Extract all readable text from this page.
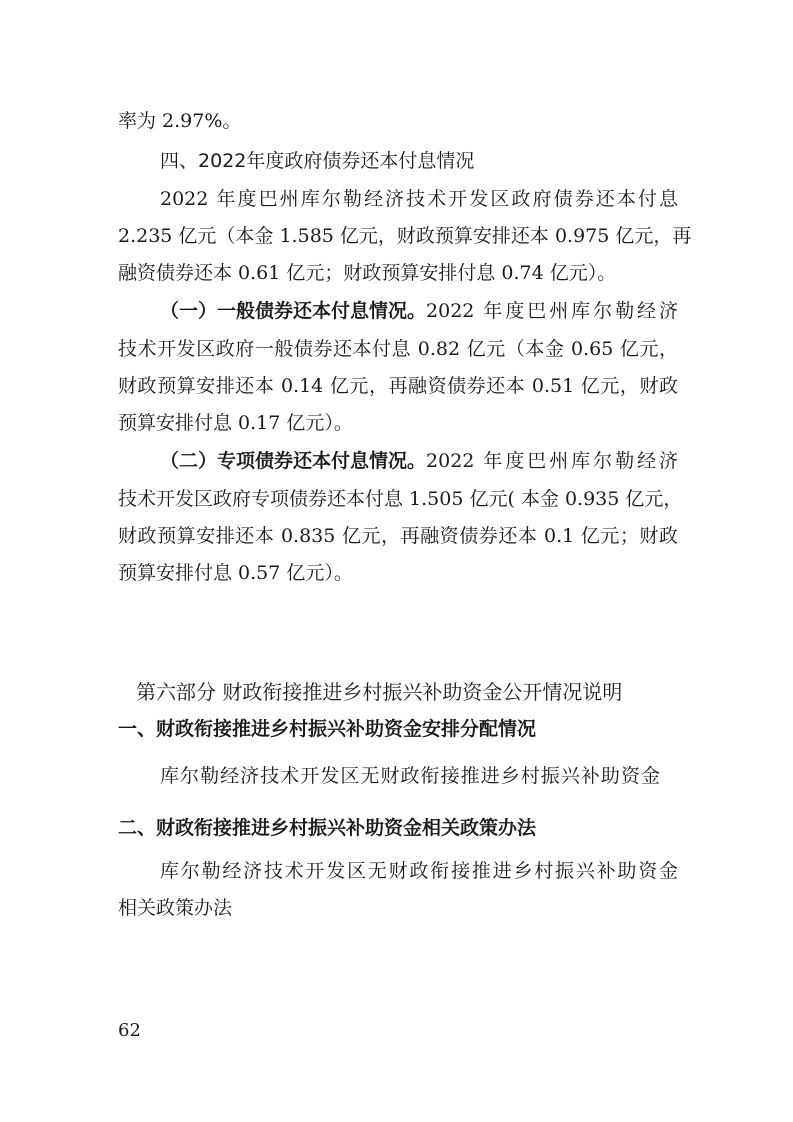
率为 2.97%。
四、2022年度政府债券还本付息情况
2022 年度巴州库尔勒经济技术开发区政府债券还本付息
2.235 亿元（本金 1.585 亿元，财政预算安排还本 0.975 亿元，再
融资债券还本 0.61 亿元；财政预算安排付息 0.74 亿元）。
（一）一般债券还本付息情况。 2022 年度巴州库尔勒经济
技术开发区政府一般债券还本付息 0.82 亿元（本金 0.65 亿元，
财政预算安排还本 0.14 亿元，再融资债券还本 0.51 亿元，财政
预算安排付息 0.17 亿元）。
（二）专项债券还本付息情况。 2022 年度巴州库尔勒经济
技术开发区政府专项债券还本付息 1.505 亿元( 本金 0.935 亿元，
财政预算安排还本 0.835 亿元，再融资债券还本 0.1 亿元；财政
预算安排付息 0.57 亿元）。
第六部分 财政衔接推进乡村振兴补助资金公开情况说明
一、财政衔接推进乡村振兴补助资金安排分配情况
库尔勒经济技术开发区无财政衔接推进乡村振兴补助资金
二、财政衔接推进乡村振兴补助资金相关政策办法
库尔勒经济技术开发区无财政衔接推进乡村振兴补助资金
相关政策办法
62
